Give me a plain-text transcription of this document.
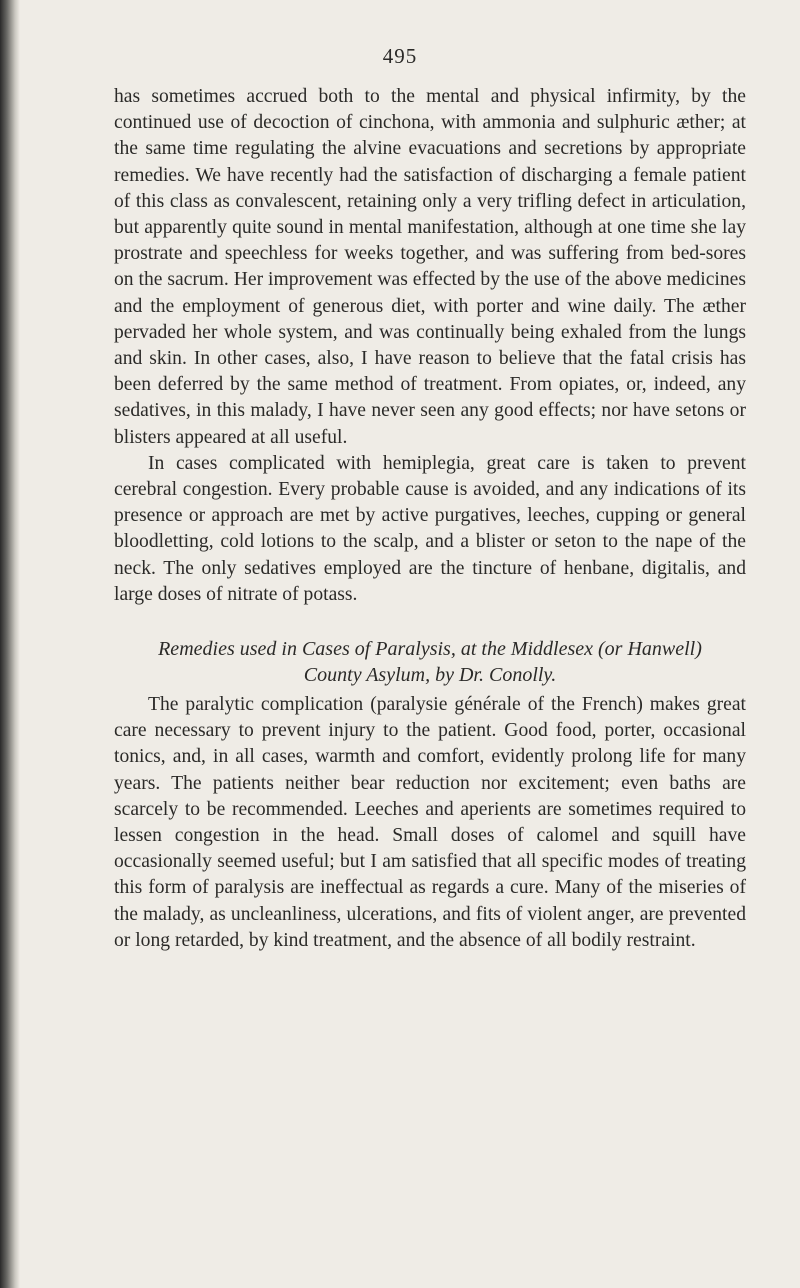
495

has sometimes accrued both to the mental and physical infirmity, by the continued use of decoction of cinchona, with ammonia and sulphuric æther; at the same time regulating the alvine evacuations and secretions by appropriate remedies. We have recently had the satisfaction of discharging a female patient of this class as convalescent, retaining only a very trifling defect in articulation, but apparently quite sound in mental manifestation, although at one time she lay prostrate and speechless for weeks together, and was suffering from bed-sores on the sacrum. Her improvement was effected by the use of the above medicines and the employment of generous diet, with porter and wine daily. The æther pervaded her whole system, and was continually being exhaled from the lungs and skin. In other cases, also, I have reason to believe that the fatal crisis has been deferred by the same method of treatment. From opiates, or, indeed, any sedatives, in this malady, I have never seen any good effects; nor have setons or blisters appeared at all useful.

In cases complicated with hemiplegia, great care is taken to prevent cerebral congestion. Every probable cause is avoided, and any indications of its presence or approach are met by active purgatives, leeches, cupping or general bloodletting, cold lotions to the scalp, and a blister or seton to the nape of the neck. The only sedatives employed are the tincture of henbane, digitalis, and large doses of nitrate of potass.

Remedies used in Cases of Paralysis, at the Middlesex (or Hanwell)
County Asylum, by Dr. Conolly.

The paralytic complication (paralysie générale of the French) makes great care necessary to prevent injury to the patient. Good food, porter, occasional tonics, and, in all cases, warmth and comfort, evidently prolong life for many years. The patients neither bear reduction nor excitement; even baths are scarcely to be recommended. Leeches and aperients are sometimes required to lessen congestion in the head. Small doses of calomel and squill have occasionally seemed useful; but I am satisfied that all specific modes of treating this form of paralysis are ineffectual as regards a cure. Many of the miseries of the malady, as uncleanliness, ulcerations, and fits of violent anger, are prevented or long retarded, by kind treatment, and the absence of all bodily restraint.
